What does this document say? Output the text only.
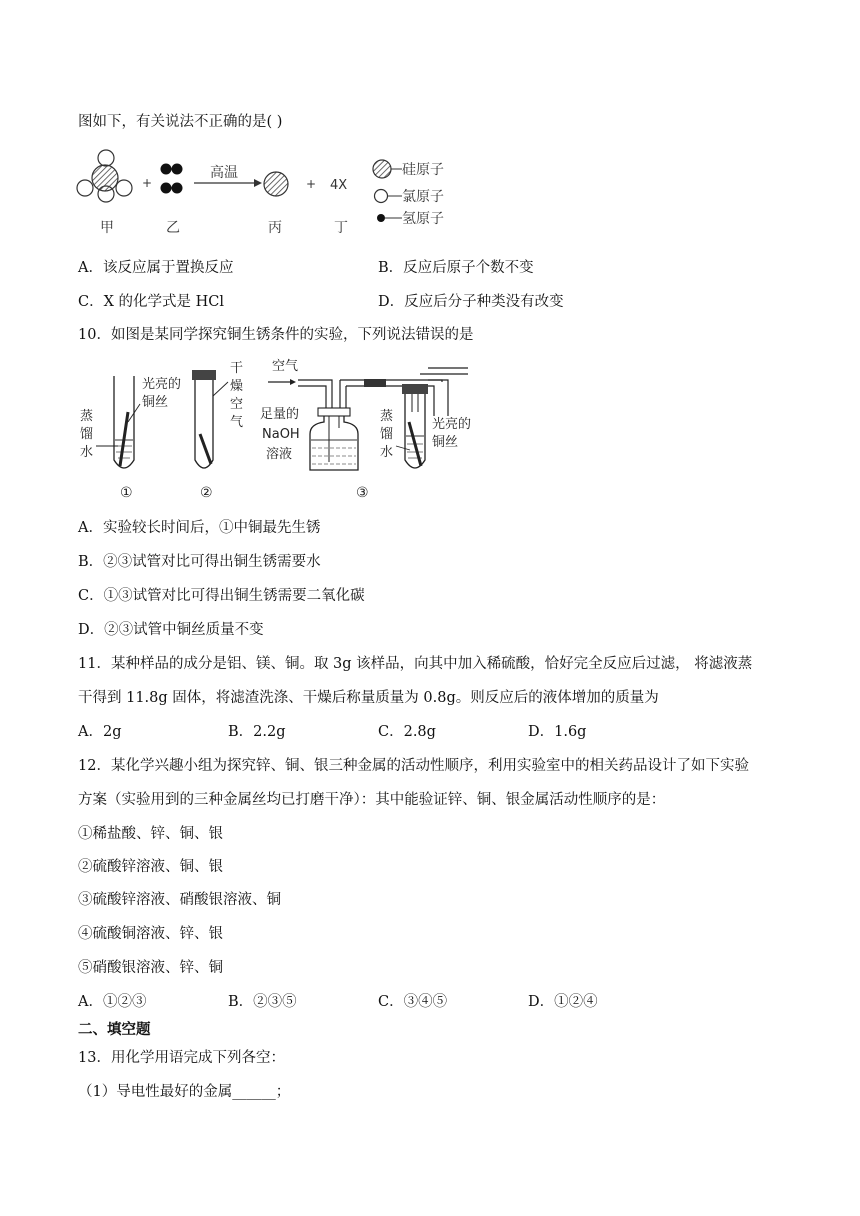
图如下，有关说法不正确的是( )
+
高温
+ 4X
甲	乙	丙	丁
硅原子
氯原子
氢原子
A．该反应属于置换反应	B．反应后原子个数不变
C．X 的化学式是 HCl	D．反应后分子种类没有改变
10．如图是某同学探究铜生锈条件的实验，下列说法错误的是
蒸
馏
水
光亮的
铜丝
①
干
燥
空
气
②
空气
足量的
NaOH
溶液
③
蒸
馏
水
光亮的
铜丝
A．实验较长时间后，①中铜最先生锈
B．②③试管对比可得出铜生锈需要水
C．①③试管对比可得出铜生锈需要二氧化碳
D．②③试管中铜丝质量不变
11．某种样品的成分是铝、镁、铜。取 3g 该样品，向其中加入稀硫酸，恰好完全反应后过滤， 将滤液蒸
干得到 11.8g 固体，将滤渣洗涤、干燥后称量质量为 0.8g。则反应后的液体增加的质量为
A．2g	B．2.2g	C．2.8g	D．1.6g
12．某化学兴趣小组为探究锌、铜、银三种金属的活动性顺序，利用实验室中的相关药品设计了如下实验
方案（实验用到的三种金属丝均已打磨干净）：其中能验证锌、铜、银金属活动性顺序的是：
①稀盐酸、锌、铜、银
②硫酸锌溶液、铜、银
③硫酸锌溶液、硝酸银溶液、铜
④硫酸铜溶液、锌、银
⑤硝酸银溶液、锌、铜
A．①②③	B．②③⑤	C．③④⑤	D．①②④
二、填空题
13．用化学用语完成下列各空：
（1）导电性最好的金属______；
